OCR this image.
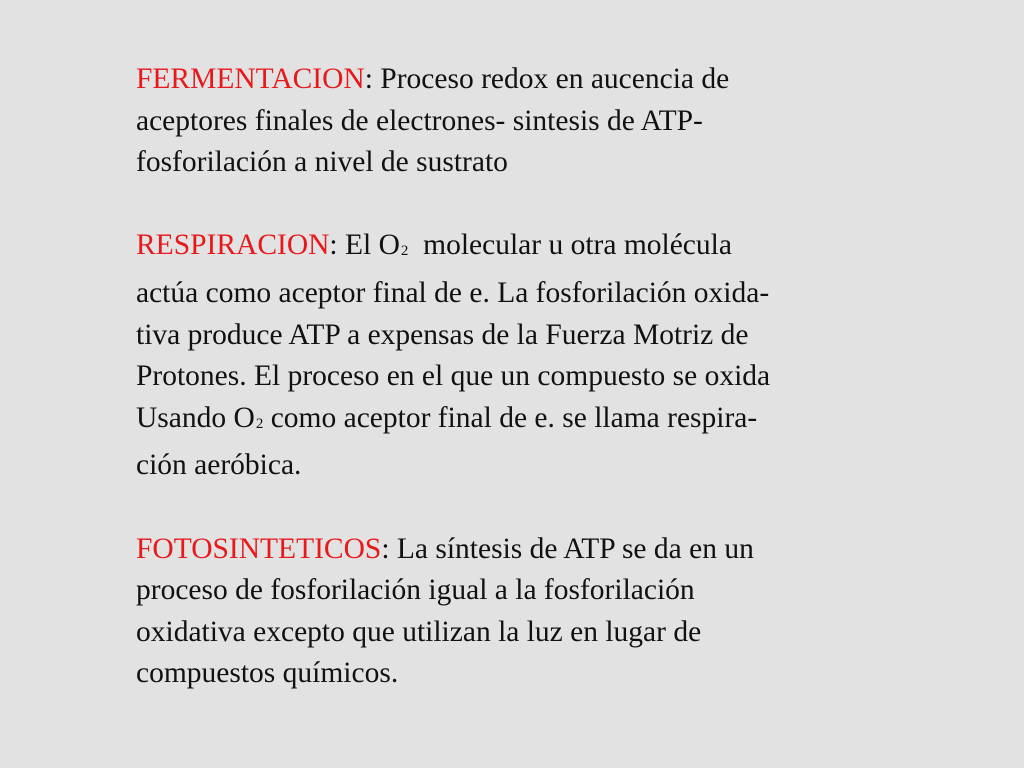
FERMENTACION: Proceso redox en aucencia de
aceptores finales de electrones- sintesis de ATP-
fosforilación a nivel de sustrato
RESPIRACION: El O2  molecular u otra molécula
actúa como aceptor final de e. La fosforilación oxida-
tiva produce ATP a expensas de la Fuerza Motriz de
Protones. El proceso en el que un compuesto se oxida
Usando O2 como aceptor final de e. se llama respira-
ción aeróbica.
FOTOSINTETICOS: La síntesis de ATP se da en un
proceso de fosforilación igual a la fosforilación
oxidativa excepto que utilizan la luz en lugar de
compuestos químicos.
